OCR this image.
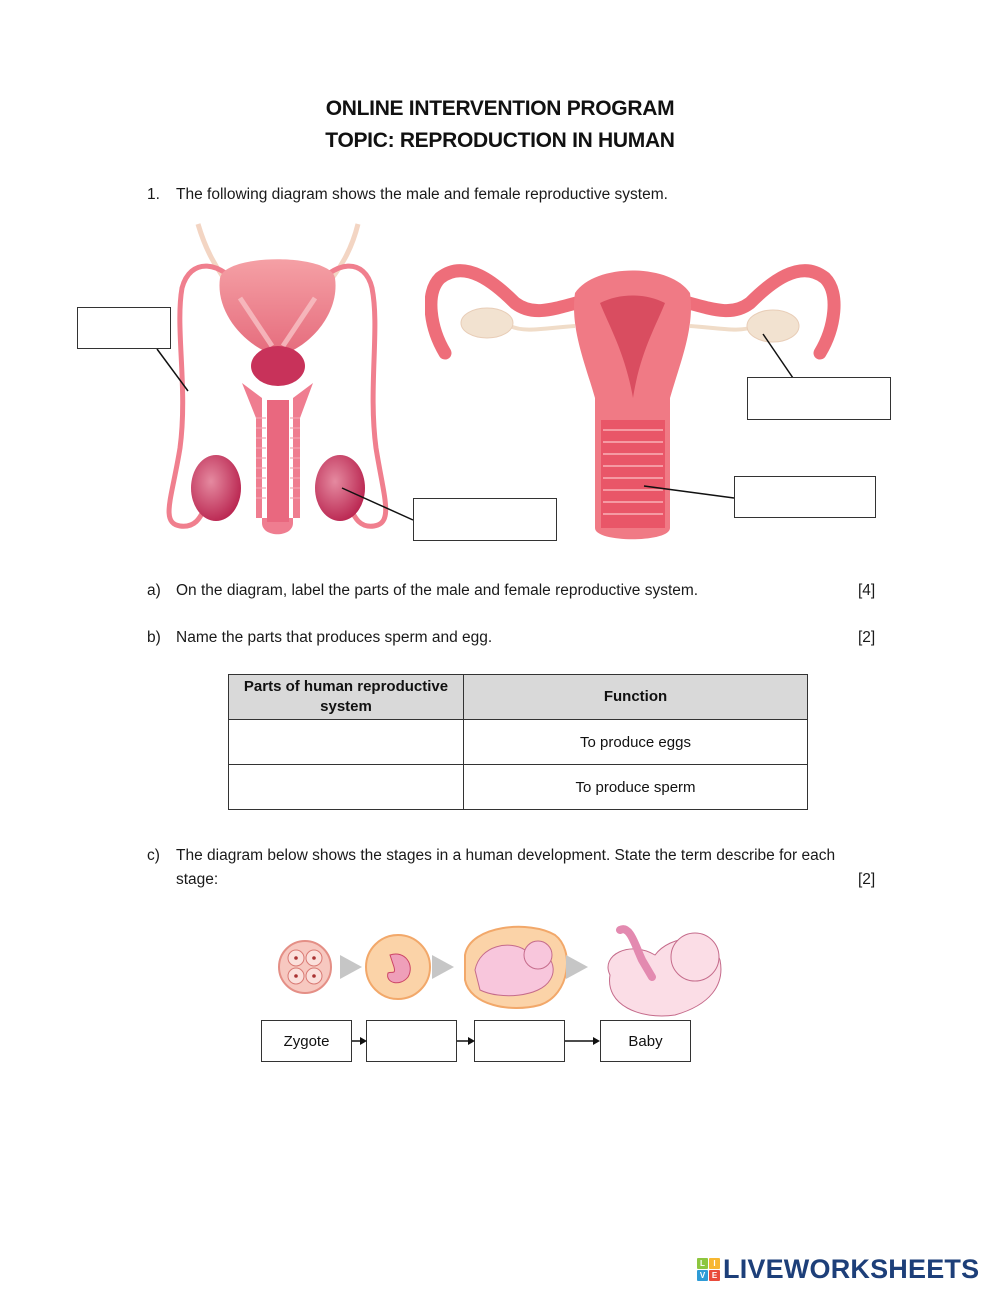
ONLINE INTERVENTION PROGRAM
TOPIC: REPRODUCTION IN HUMAN
1. The following diagram shows the male and female reproductive system.
a) On the diagram, label the parts of the male and female reproductive system.	[4]
b) Name the parts that produces sperm and egg.	[2]
Parts of human reproductive system	Function
	To produce eggs
	To produce sperm
c) The diagram below shows the stages in a human development. State the term describe for each
stage:	[2]
Zygote	Baby
L	I
V E LIVEWORKSHEETS
